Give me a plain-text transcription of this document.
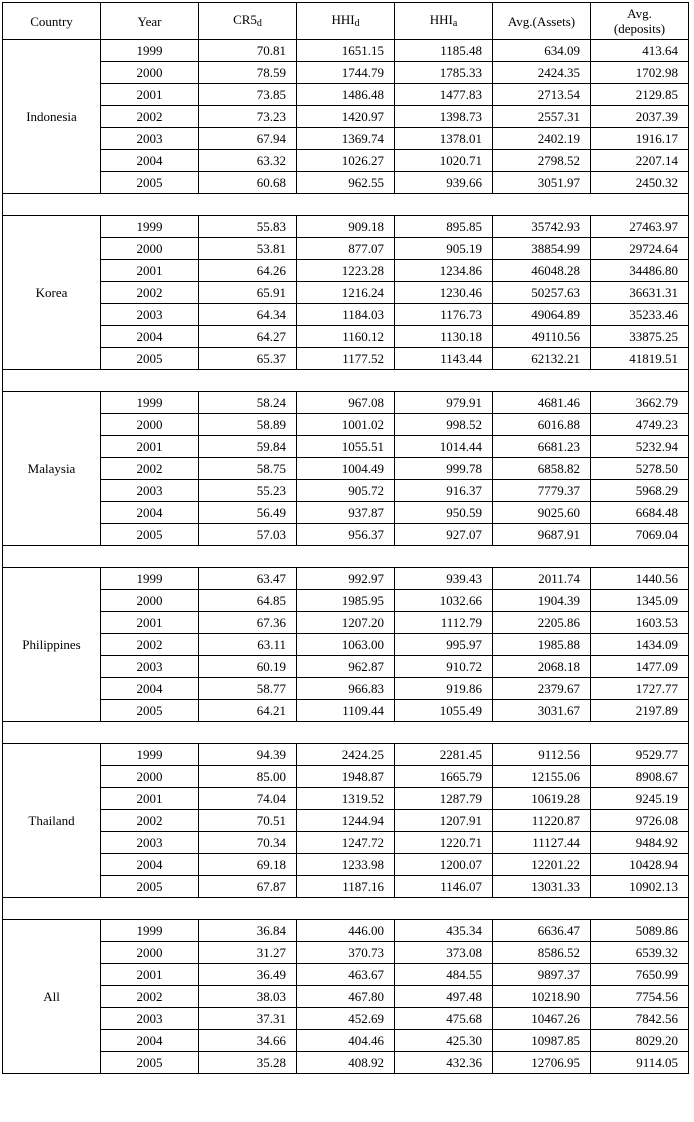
Country	Year	$CR5_d$	$HHI_d$	$HHI_a$	Avg.(Assets)	Avg.
(deposits)
Indonesia	1999	70.81	1651.15	1185.48	634.09	413.64
	2000	78.59	1744.79	1785.33	2424.35	1702.98
	2001	73.85	1486.48	1477.83	2713.54	2129.85
	2002	73.23	1420.97	1398.73	2557.31	2037.39
	2003	67.94	1369.74	1378.01	2402.19	1916.17
	2004	63.32	1026.27	1020.71	2798.52	2207.14
	2005	60.68	962.55	939.66	3051.97	2450.32

Korea	1999	55.83	909.18	895.85	35742.93	27463.97
	2000	53.81	877.07	905.19	38854.99	29724.64
	2001	64.26	1223.28	1234.86	46048.28	34486.80
	2002	65.91	1216.24	1230.46	50257.63	36631.31
	2003	64.34	1184.03	1176.73	49064.89	35233.46
	2004	64.27	1160.12	1130.18	49110.56	33875.25
	2005	65.37	1177.52	1143.44	62132.21	41819.51

Malaysia	1999	58.24	967.08	979.91	4681.46	3662.79
	2000	58.89	1001.02	998.52	6016.88	4749.23
	2001	59.84	1055.51	1014.44	6681.23	5232.94
	2002	58.75	1004.49	999.78	6858.82	5278.50
	2003	55.23	905.72	916.37	7779.37	5968.29
	2004	56.49	937.87	950.59	9025.60	6684.48
	2005	57.03	956.37	927.07	9687.91	7069.04

Philippines	1999	63.47	992.97	939.43	2011.74	1440.56
	2000	64.85	1985.95	1032.66	1904.39	1345.09
	2001	67.36	1207.20	1112.79	2205.86	1603.53
	2002	63.11	1063.00	995.97	1985.88	1434.09
	2003	60.19	962.87	910.72	2068.18	1477.09
	2004	58.77	966.83	919.86	2379.67	1727.77
	2005	64.21	1109.44	1055.49	3031.67	2197.89

Thailand	1999	94.39	2424.25	2281.45	9112.56	9529.77
	2000	85.00	1948.87	1665.79	12155.06	8908.67
	2001	74.04	1319.52	1287.79	10619.28	9245.19
	2002	70.51	1244.94	1207.91	11220.87	9726.08
	2003	70.34	1247.72	1220.71	11127.44	9484.92
	2004	69.18	1233.98	1200.07	12201.22	10428.94
	2005	67.87	1187.16	1146.07	13031.33	10902.13

All	1999	36.84	446.00	435.34	6636.47	5089.86
	2000	31.27	370.73	373.08	8586.52	6539.32
	2001	36.49	463.67	484.55	9897.37	7650.99
	2002	38.03	467.80	497.48	10218.90	7754.56
	2003	37.31	452.69	475.68	10467.26	7842.56
	2004	34.66	404.46	425.30	10987.85	8029.20
	2005	35.28	408.92	432.36	12706.95	9114.05
